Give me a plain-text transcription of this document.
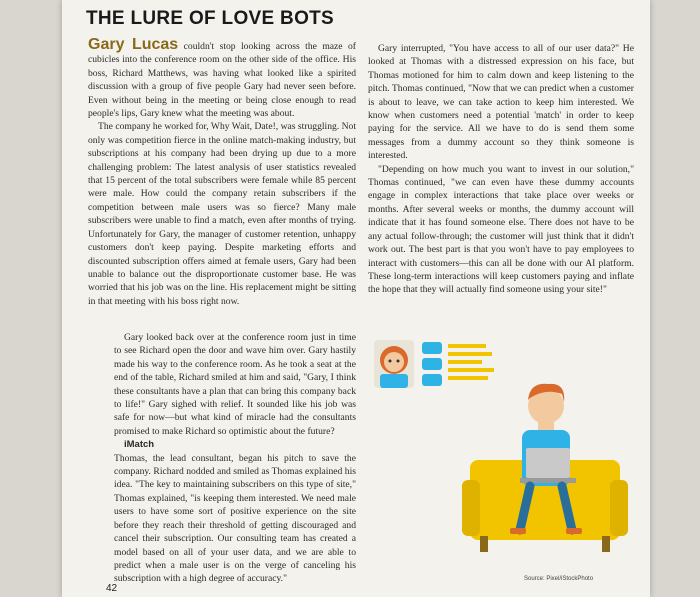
THE LURE OF LOVE BOTS

Gary Lucas couldn't stop looking across the maze of cubicles into the conference room on the other side of the office. His boss, Richard Matthews, was having what looked like a spirited discussion with a group of five people Gary had never seen before. Even without being in the meeting or being close enough to read people's lips, Gary knew what the meeting was about.

The company he worked for, Why Wait, Date!, was struggling. Not only was competition fierce in the online match-making industry, but subscriptions at his company had been drying up due to a more challenging problem: The latest analysis of user statistics revealed that 15 percent of the total subscribers were female while 85 percent were male. How could the company retain subscribers if the competition between male users was so fierce? Many male subscribers were unable to find a match, even after months of trying. Unfortunately for Gary, the manager of customer retention, unhappy customers don't keep paying. Despite marketing efforts and discounted subscription offers aimed at female users, Gary had been unable to balance out the disproportionate customer base. He was worried that his job was on the line. His replacement might be sitting in that meeting with his boss right now.

Gary looked back over at the conference room just in time to see Richard open the door and wave him over. Gary hastily made his way to the conference room. As he took a seat at the end of the table, Richard smiled at him and said, "Gary, I think these consultants have a plan that can bring this company back to life!" Gary sighed with relief. It sounded like his job was safe for now—but what kind of miracle had the consultants promised to make Richard so optimistic about the future?

iMatch

Thomas, the lead consultant, began his pitch to save the company. Richard nodded and smiled as Thomas explained his idea. "The key to maintaining subscribers on this type of site," Thomas explained, "is keeping them interested. We need male users to have some sort of positive experience on the site before they reach their threshold of getting discouraged and cancel their subscription. Our consulting team has created a model based on all of your user data, and we are able to predict when a male user is on the verge of canceling his subscription with a high degree of accuracy."

Gary interrupted, "You have access to all of our user data?" He looked at Thomas with a distressed expression on his face, but Thomas motioned for him to calm down and keep listening to the pitch. Thomas continued, "Now that we can predict when a customer is about to leave, we can take action to keep him interested. We know when customers need a potential 'match' in order to keep paying for the service. All we have to do is send them some messages from a dummy account so they think someone is interested.

"Depending on how much you want to invest in our solution," Thomas continued, "we can even have these dummy accounts engage in complex interactions that take place over weeks or months. After several weeks or months, the dummy account will indicate that it has found someone else. There does not have to be any actual follow-through; the customer will just think that it didn't work out. The best part is that you won't have to pay employees to interact with customers—this can all be done with our AI platform. These long-term interactions will keep customers paying and inflate the hope that they will actually find someone using your site!"

Source: Pixel/iStockPhoto
42
